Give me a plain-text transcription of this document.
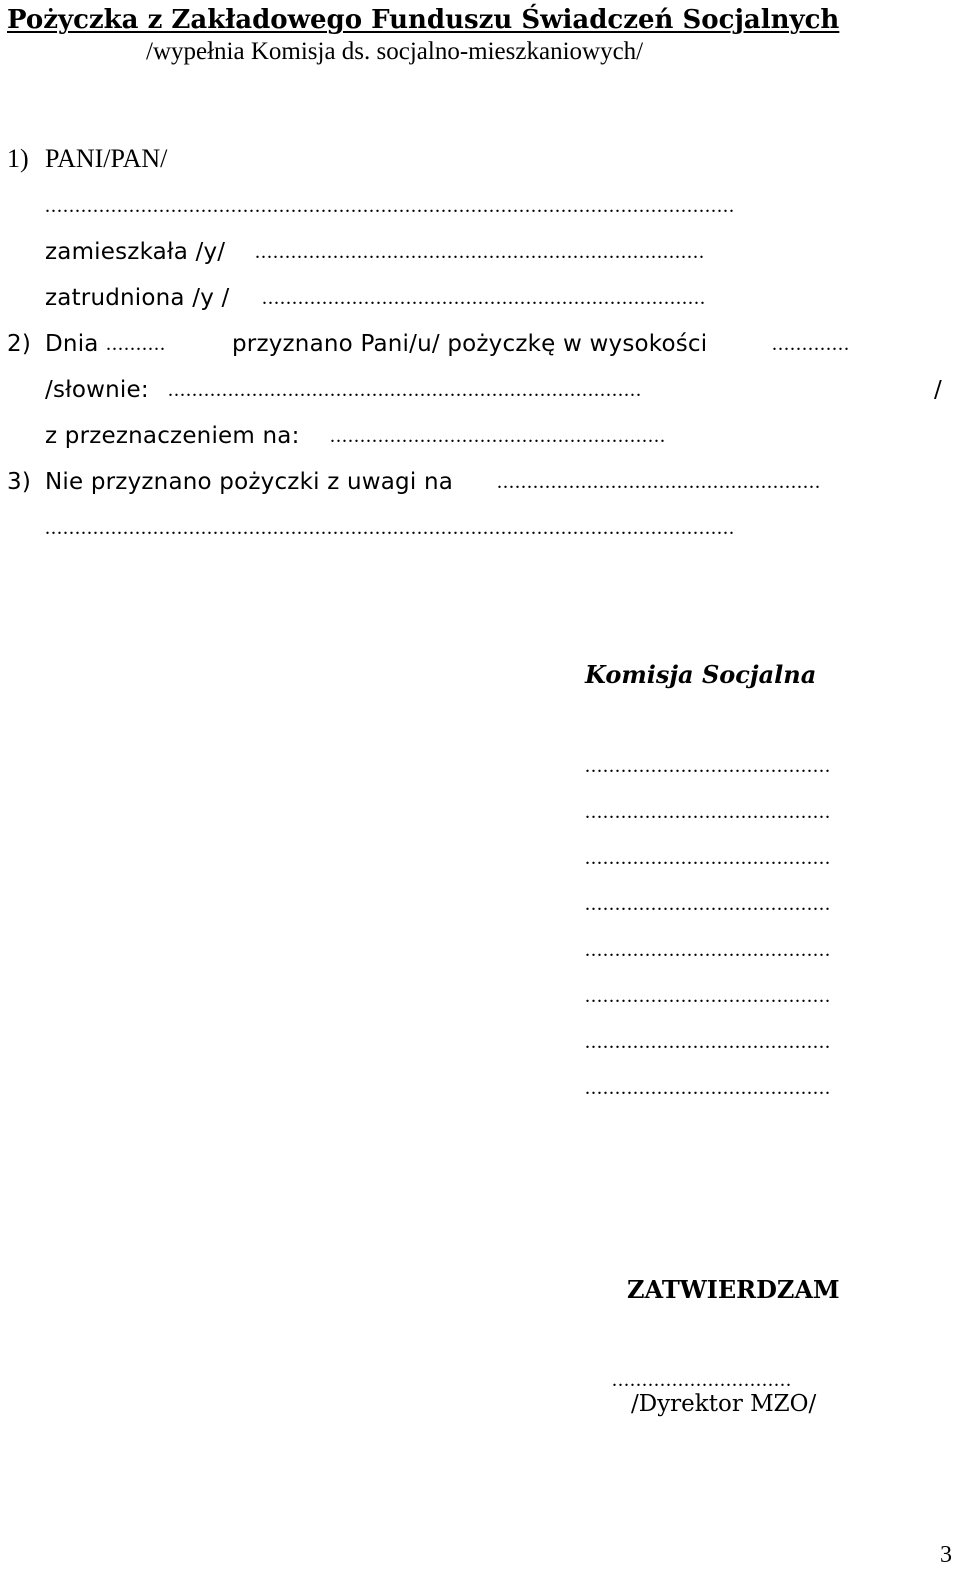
Pożyczka z Zakładowego Funduszu Świadczeń Socjalnych
/wypełnia Komisja ds. socjalno-mieszkaniowych/
1) PANI/PAN/
...................................................................................................................
zamieszkała /y/ ...........................................................................
zatrudniona /y / ..........................................................................
2) Dnia ..........	przyznano Pani/u/ pożyczkę w wysokości	.............
/słownie: ...............................................................................	/
z przeznaczeniem na: ........................................................
3) Nie przyznano pożyczki z uwagi na ......................................................
...................................................................................................................
Komisja Socjalna
.........................................
.........................................
.........................................
.........................................
.........................................
.........................................
.........................................
.........................................
ZATWIERDZAM
..............................
/Dyrektor MZO/
3
